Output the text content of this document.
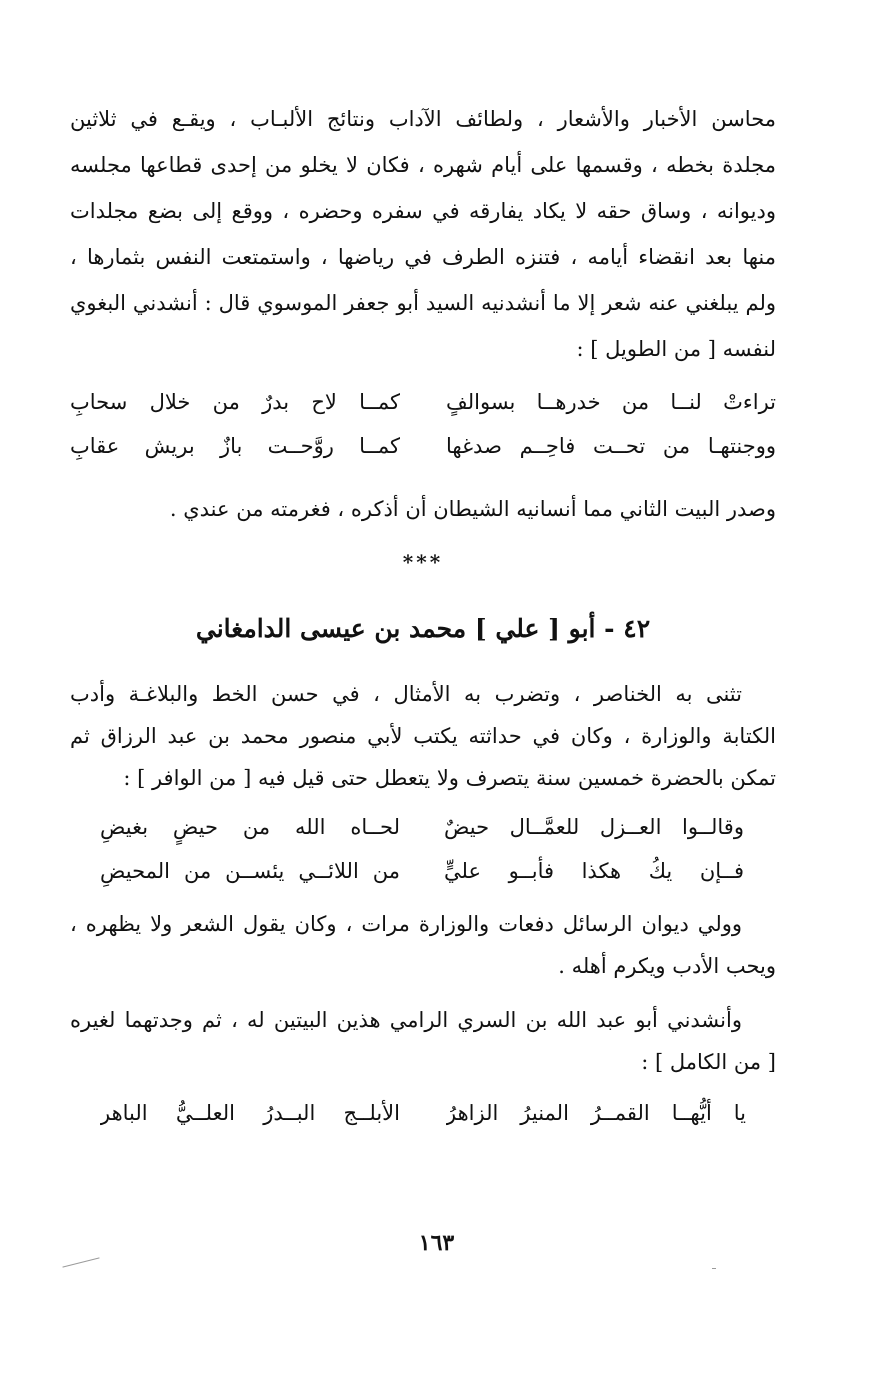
محاسن الأخبار والأشعار ، ولطائف الآداب ونتائج الألبـاب ، ويقـع في ثلاثين
مجلدة بخطه ، وقسمها على أيام شهره ، فكان لا يخلو من إحدى قطاعها مجلسه
وديوانه ، وساق حقه لا يكاد يفارقه في سفره وحضره ، ووقع إلى بضع مجلدات
منها بعد انقضاء أيامه ، فتنزه الطرف في رياضها ، واستمتعت النفس بثمارها ،
ولم يبلغني عنه شعر إلا ما أنشدنيه السيد أبو جعفر الموسوي قال : أنشدني البغوي
لنفسه [ من الطويل ] :
تراءتْ لنــا من خدرهــا بسوالفٍ
كمــا لاح بدرٌ من خلال سحابِ
ووجنتهـا من تحــت فاحِــم صدغها
كمــا روَّحــت بازٌ بريش عقابِ
وصدر البيت الثاني مما أنسانيه الشيطان أن أذكره ، فغرمته من عندي .
***
٤٢ - أبو [ علي ] محمد بن عيسى الدامغاني
تثنى به الخناصر ، وتضرب به الأمثال ، في حسن الخط والبلاغـة وأدب
الكتابة والوزارة ، وكان في حداثته يكتب لأبي منصور محمد بن عبد الرزاق ثم
تمكن بالحضرة خمسين سنة يتصرف ولا يتعطل حتى قيل فيه [ من الوافر ] :
وقالــوا العــزل للعمَّــال حيضٌ
لحــاه الله من حيضٍ بغيضِ
فــإن يكُ هكذا فأبــو عليٍّ
من اللائــي يئســن من المحيضِ
وولي ديوان الرسائل دفعات والوزارة مرات ، وكان يقول الشعر ولا يظهره ،
ويحب الأدب ويكرم أهله .
وأنشدني أبو عبد الله بن السري الرامي هذين البيتين له ، ثم وجدتهما لغيره
[ من الكامل ] :
يا أيُّهــا القمــرُ المنيرُ الزاهرُ
الأبلــج البــدرُ العلــيُّ الباهر
١٦٣
